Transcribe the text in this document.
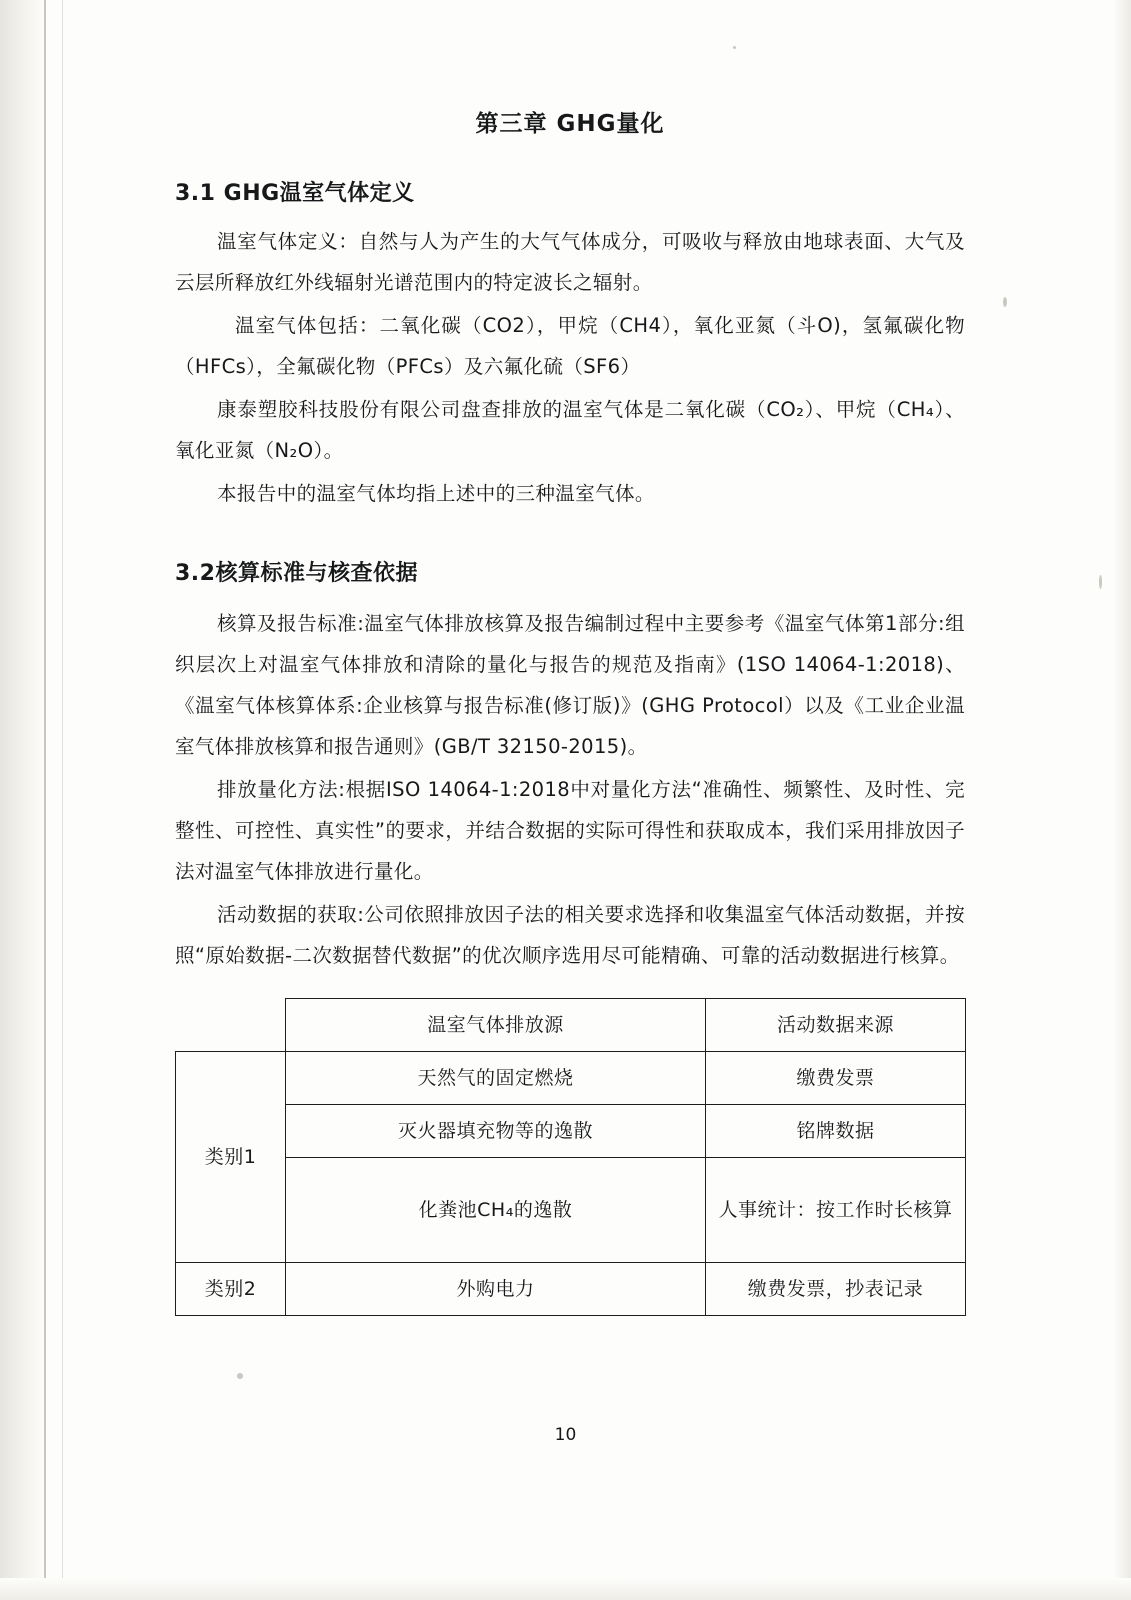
第三章 GHG量化
3.1 GHG温室气体定义

温室气体定义：自然与人为产生的大气气体成分，可吸收与释放由地球表面、大气及云层所释放红外线辐射光谱范围内的特定波长之辐射。

温室气体包括：二氧化碳（CO2），甲烷（CH4），氧化亚氮（斗O)，氢氟碳化物（HFCs），全氟碳化物（PFCs）及六氟化硫（SF6）

康泰塑胶科技股份有限公司盘查排放的温室气体是二氧化碳（CO₂）、甲烷（CH₄）、氧化亚氮（N₂O）。

本报告中的温室气体均指上述中的三种温室气体。

3.2核算标准与核查依据

核算及报告标准:温室气体排放核算及报告编制过程中主要参考《温室气体第1部分:组织层次上对温室气体排放和清除的量化与报告的规范及指南》(1SO 14064-1:2018)、《温室气体核算体系:企业核算与报告标准(修订版)》(GHG Protocol）以及《工业企业温室气体排放核算和报告通则》(GB/T 32150-2015)。

排放量化方法:根据ISO 14064-1:2018中对量化方法“准确性、频繁性、及时性、完整性、可控性、真实性”的要求，并结合数据的实际可得性和获取成本，我们采用排放因子法对温室气体排放进行量化。

活动数据的获取:公司依照排放因子法的相关要求选择和收集温室气体活动数据，并按照“原始数据-二次数据替代数据”的优次顺序选用尽可能精确、可靠的活动数据进行核算。

	温室气体排放源	活动数据来源
类别1	天然气的固定燃烧	缴费发票
	灭火器填充物等的逸散	铭牌数据
	化粪池CH₄的逸散	人事统计：按工作时长核算
类别2	外购电力	缴费发票，抄表记录
10
